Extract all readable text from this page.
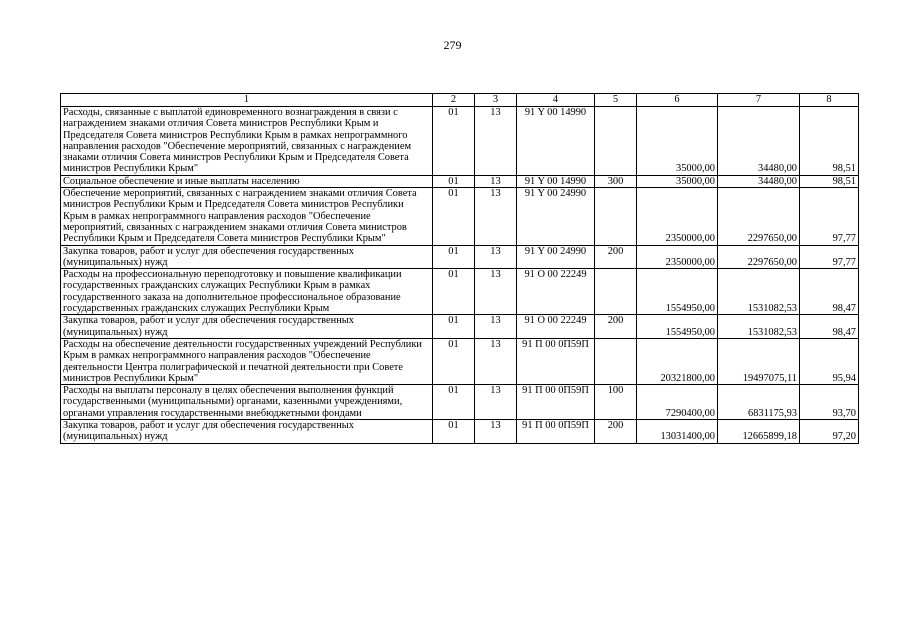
279
1	2	3	4	5	6	7	8
Расходы, связанные с выплатой единовременного вознаграждения в связи с награждением знаками отличия Совета министров Республики Крым и Председателя Совета министров Республики Крым в рамках непрограммного направления расходов "Обеспечение мероприятий, связанных с награждением знаками отличия Совета министров Республики Крым и Председателя Совета министров Республики Крым"	01	13	91 Y 00 14990		35000,00	34480,00	98,51
Социальное обеспечение и иные выплаты населению	01	13	91 Y 00 14990	300	35000,00	34480,00	98,51
Обеспечение мероприятий, связанных с награждением знаками отличия Совета министров Республики Крым и Председателя Совета министров Республики Крым в рамках непрограммного направления расходов "Обеспечение мероприятий, связанных с награждением знаками отличия Совета министров Республики Крым и Председателя Совета министров Республики Крым"	01	13	91 Y 00 24990		2350000,00	2297650,00	97,77
Закупка товаров, работ и услуг для обеспечения государственных (муниципальных) нужд	01	13	91 Y 00 24990	200	2350000,00	2297650,00	97,77
Расходы на профессиональную переподготовку и повышение квалификации государственных гражданских служащих Республики Крым в рамках государственного заказа на дополнительное профессиональное образование государственных гражданских служащих Республики Крым	01	13	91 О 00 22249		1554950,00	1531082,53	98,47
Закупка товаров, работ и услуг для обеспечения государственных (муниципальных) нужд	01	13	91 О 00 22249	200	1554950,00	1531082,53	98,47
Расходы на обеспечение деятельности государственных учреждений Республики Крым в рамках непрограммного направления расходов "Обеспечение деятельности Центра полиграфической и печатной деятельности при Совете министров Республики Крым"	01	13	91 П 00 0П59П		20321800,00	19497075,11	95,94
Расходы на выплаты персоналу в целях обеспечения выполнения функций государственными (муниципальными) органами, казенными учреждениями, органами управления государственными внебюджетными фондами	01	13	91 П 00 0П59П	100	7290400,00	6831175,93	93,70
Закупка товаров, работ и услуг для обеспечения государственных (муниципальных) нужд	01	13	91 П 00 0П59П	200	13031400,00	12665899,18	97,20
